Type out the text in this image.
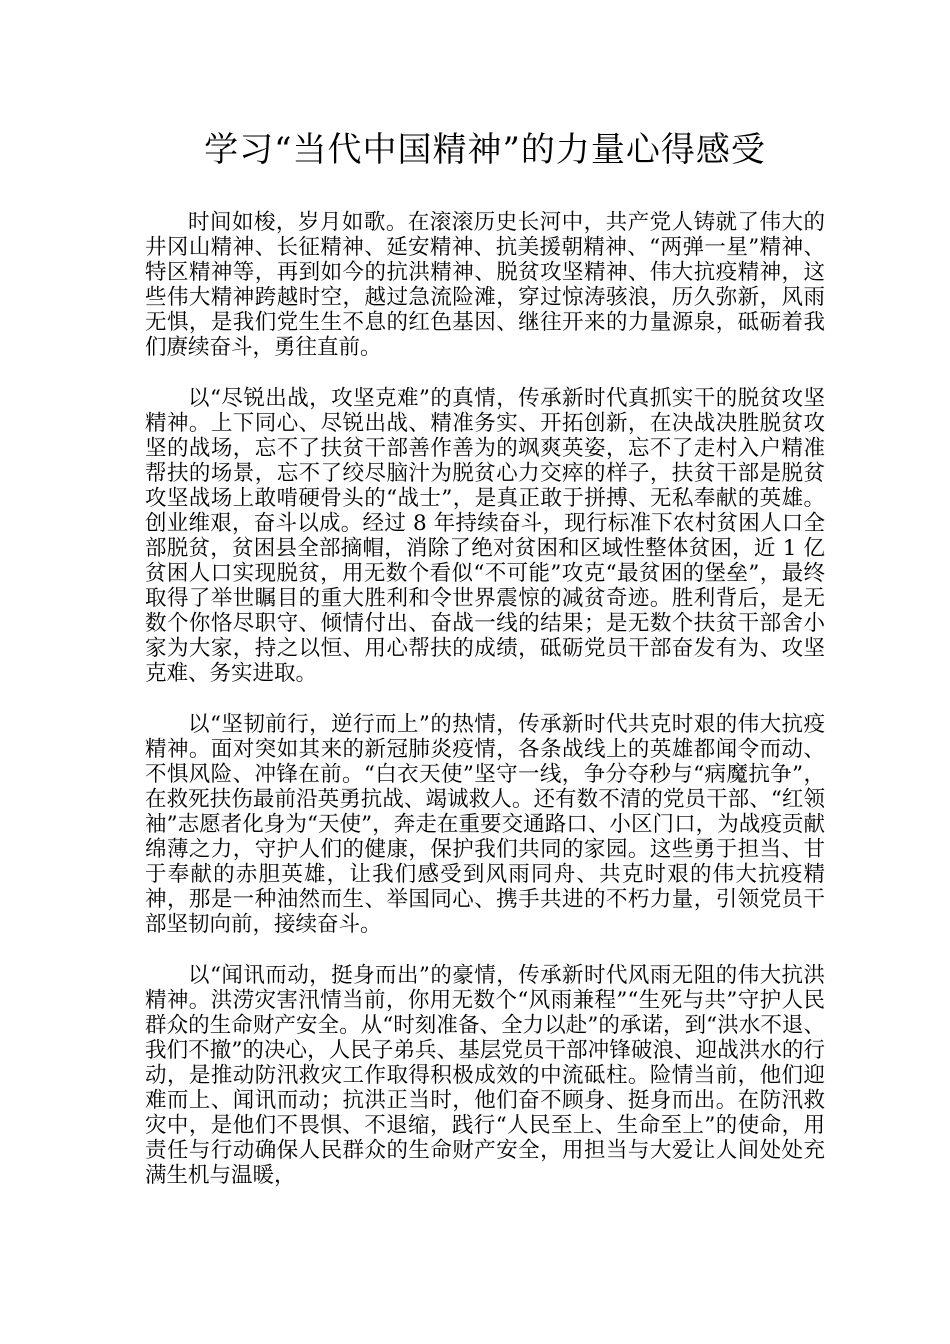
学习“当代中国精神”的力量心得感受

时间如梭，岁月如歌。在滚滚历史长河中，共产党人铸就了伟大的井冈山精神、长征精神、延安精神、抗美援朝精神、“两弹一星”精神、特区精神等，再到如今的抗洪精神、脱贫攻坚精神、伟大抗疫精神，这些伟大精神跨越时空，越过急流险滩，穿过惊涛骇浪，历久弥新，风雨无惧，是我们党生生不息的红色基因、继往开来的力量源泉，砥砺着我们赓续奋斗，勇往直前。

以“尽锐出战，攻坚克难”的真情，传承新时代真抓实干的脱贫攻坚精神。上下同心、尽锐出战、精准务实、开拓创新，在决战决胜脱贫攻坚的战场，忘不了扶贫干部善作善为的飒爽英姿，忘不了走村入户精准帮扶的场景，忘不了绞尽脑汁为脱贫心力交瘁的样子，扶贫干部是脱贫攻坚战场上敢啃硬骨头的“战士”，是真正敢于拼搏、无私奉献的英雄。创业维艰，奋斗以成。经过 8 年持续奋斗，现行标准下农村贫困人口全部脱贫，贫困县全部摘帽，消除了绝对贫困和区域性整体贫困，近 1 亿贫困人口实现脱贫，用无数个看似“不可能”攻克“最贫困的堡垒”，最终取得了举世瞩目的重大胜利和令世界震惊的减贫奇迹。胜利背后，是无数个你恪尽职守、倾情付出、奋战一线的结果；是无数个扶贫干部舍小家为大家，持之以恒、用心帮扶的成绩，砥砺党员干部奋发有为、攻坚克难、务实进取。

以“坚韧前行，逆行而上”的热情，传承新时代共克时艰的伟大抗疫精神。面对突如其来的新冠肺炎疫情，各条战线上的英雄都闻令而动、不惧风险、冲锋在前。“白衣天使”坚守一线，争分夺秒与“病魔抗争”，在救死扶伤最前沿英勇抗战、竭诚救人。还有数不清的党员干部、“红领袖”志愿者化身为“天使”，奔走在重要交通路口、小区门口，为战疫贡献绵薄之力，守护人们的健康，保护我们共同的家园。这些勇于担当、甘于奉献的赤胆英雄，让我们感受到风雨同舟、共克时艰的伟大抗疫精神，那是一种油然而生、举国同心、携手共进的不朽力量，引领党员干部坚韧向前，接续奋斗。

以“闻讯而动，挺身而出”的豪情，传承新时代风雨无阻的伟大抗洪精神。洪涝灾害汛情当前，你用无数个“风雨兼程”“生死与共”守护人民群众的生命财产安全。从“时刻准备、全力以赴”的承诺，到“洪水不退、我们不撤”的决心，人民子弟兵、基层党员干部冲锋破浪、迎战洪水的行动，是推动防汛救灾工作取得积极成效的中流砥柱。险情当前，他们迎难而上、闻讯而动；抗洪正当时，他们奋不顾身、挺身而出。在防汛救灾中，是他们不畏惧、不退缩，践行“人民至上、生命至上”的使命，用责任与行动确保人民群众的生命财产安全，用担当与大爱让人间处处充满生机与温暖，
